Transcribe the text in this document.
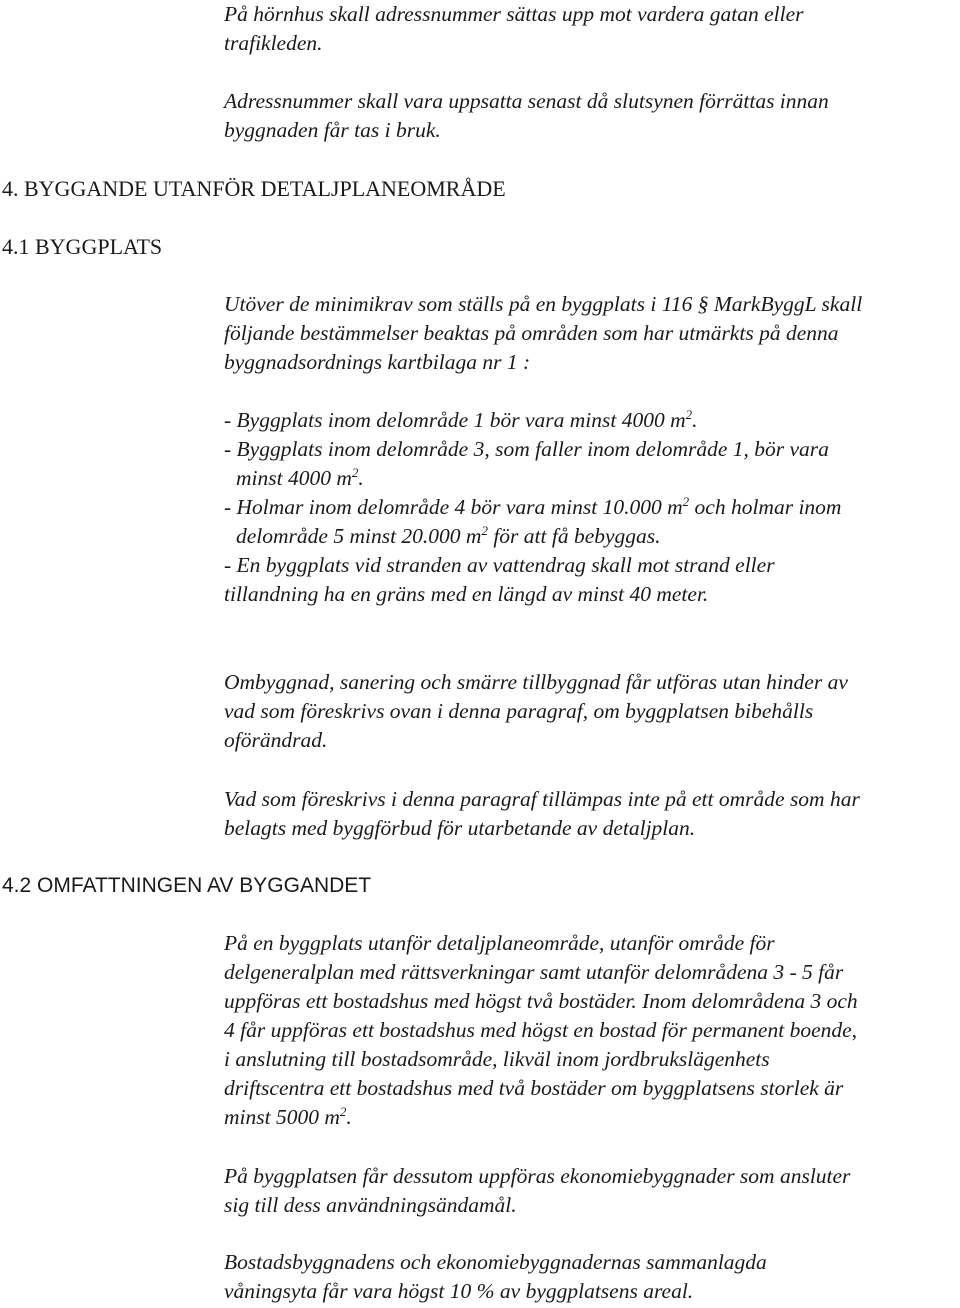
På hörnhus skall adressnummer sättas upp mot vardera gatan eller
trafikleden.
Adressnummer skall vara uppsatta senast då slutsynen förrättas innan
byggnaden får tas i bruk.
4. BYGGANDE UTANFÖR DETALJPLANEOMRÅDE
4.1 BYGGPLATS
Utöver de minimikrav som ställs på en byggplats i 116 § MarkByggL skall
följande bestämmelser beaktas på områden som har utmärkts på denna
byggnadsordnings kartbilaga nr 1 :
- Byggplats inom delområde 1 bör vara minst 4000 $m^2$.
- Byggplats inom delområde 3, som faller inom delområde 1, bör vara
minst 4000 $m^2$.
- Holmar inom delområde 4 bör vara minst 10.000 $m^2$ och holmar inom
delområde 5 minst 20.000 $m^2$ för att få bebyggas.
- En byggplats vid stranden av vattendrag skall mot strand eller
tillandning ha en gräns med en längd av minst 40 meter.
Ombyggnad, sanering och smärre tillbyggnad får utföras utan hinder av
vad som föreskrivs ovan i denna paragraf, om byggplatsen bibehålls
oförändrad.
Vad som föreskrivs i denna paragraf tillämpas inte på ett område som har
belagts med byggförbud för utarbetande av detaljplan.
4.2 OMFATTNINGEN AV BYGGANDET
På en byggplats utanför detaljplaneområde, utanför område för
delgeneralplan med rättsverkningar samt utanför delområdena 3 - 5 får
uppföras ett bostadshus med högst två bostäder. Inom delområdena 3 och
4 får uppföras ett bostadshus med högst en bostad för permanent boende,
i anslutning till bostadsområde, likväl inom jordbrukslägenhets
driftscentra ett bostadshus med två bostäder om byggplatsens storlek är
minst 5000 $m^2$.
På byggplatsen får dessutom uppföras ekonomiebyggnader som ansluter
sig till dess användningsändamål.
Bostadsbyggnadens och ekonomiebyggnadernas sammanlagda
våningsyta får vara högst 10 % av byggplatsens areal.
